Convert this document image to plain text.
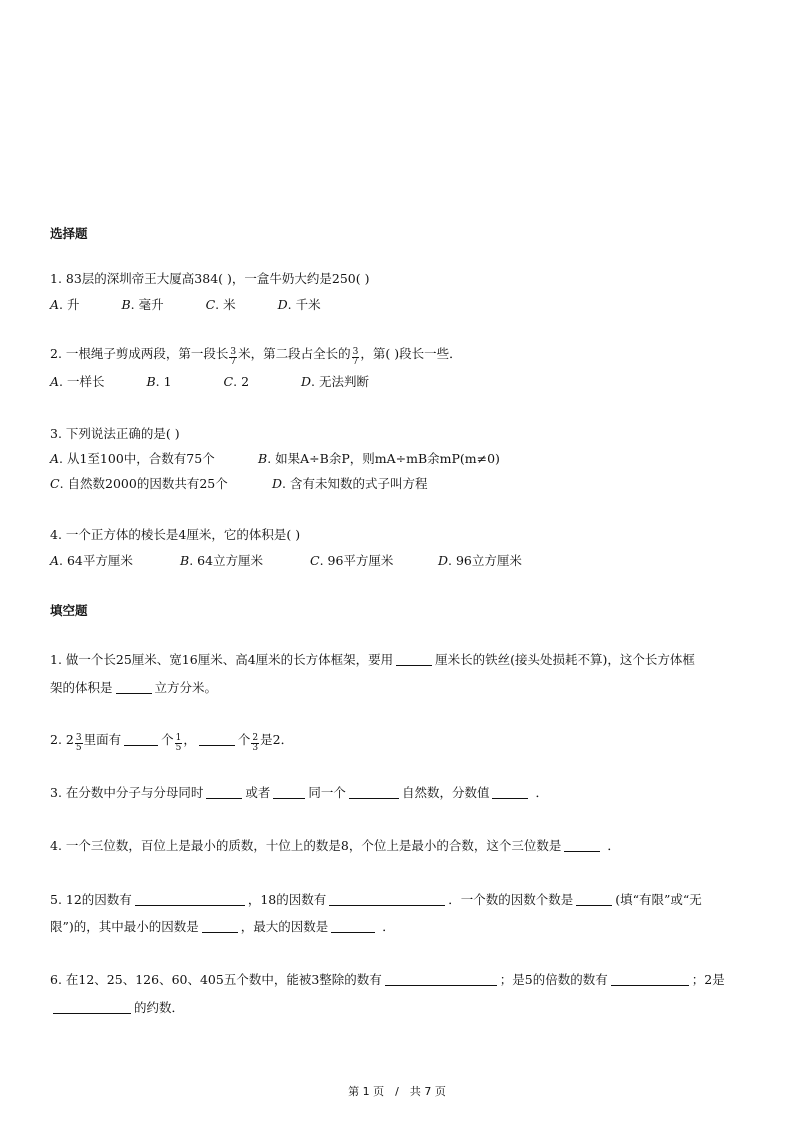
选择题
1. 83层的深圳帝王大厦高384( )，一盒牛奶大约是250( )
A. 升	B. 毫升	C. 米	D. 千米
2. 一根绳子剪成两段，第一段长 $\frac{3}{7}$ 米，第二段占全长的 $\frac{3}{7}$ ，第( )段长一些．
A. 一样长	B. 1	C. 2	D. 无法判断
3. 下列说法正确的是( )
A. 从1至100中，合数有75个	B. 如果A÷B余P，则mA÷mB余mP(m≠0)
C. 自然数2000的因数共有25个	D. 含有未知数的式子叫方程
4. 一个正方体的棱长是4厘米，它的体积是( )
A. 64平方厘米	B. 64立方厘米	C. 96平方厘米	D. 96立方厘米
填空题
1. 做一个长25厘米、宽16厘米、高4厘米的长方体框架，要用	厘米长的铁丝(接头处损耗不算)，这个长方体框
架的体积是	立方分米。
2. $2 \frac{3}{5}$ 里面有	个 $\frac{1}{5}$ ，	个 $\frac{2}{3}$ 是2．
3. 在分数中分子与分母同时	或者	同一个	自然数，分数值	．
4. 一个三位数，百位上是最小的质数，十位上的数是8，个位上是最小的合数，这个三位数是	．
5. 12的因数有	，18的因数有	．一个数的因数个数是	(填“有限”或“无
限”)的，其中最小的因数是	，最大的因数是	．
6. 在12、25、126、60、405五个数中，能被3整除的数有	；是5的倍数的数有	；2是
的约数．
第 1 页　/　共 7 页
